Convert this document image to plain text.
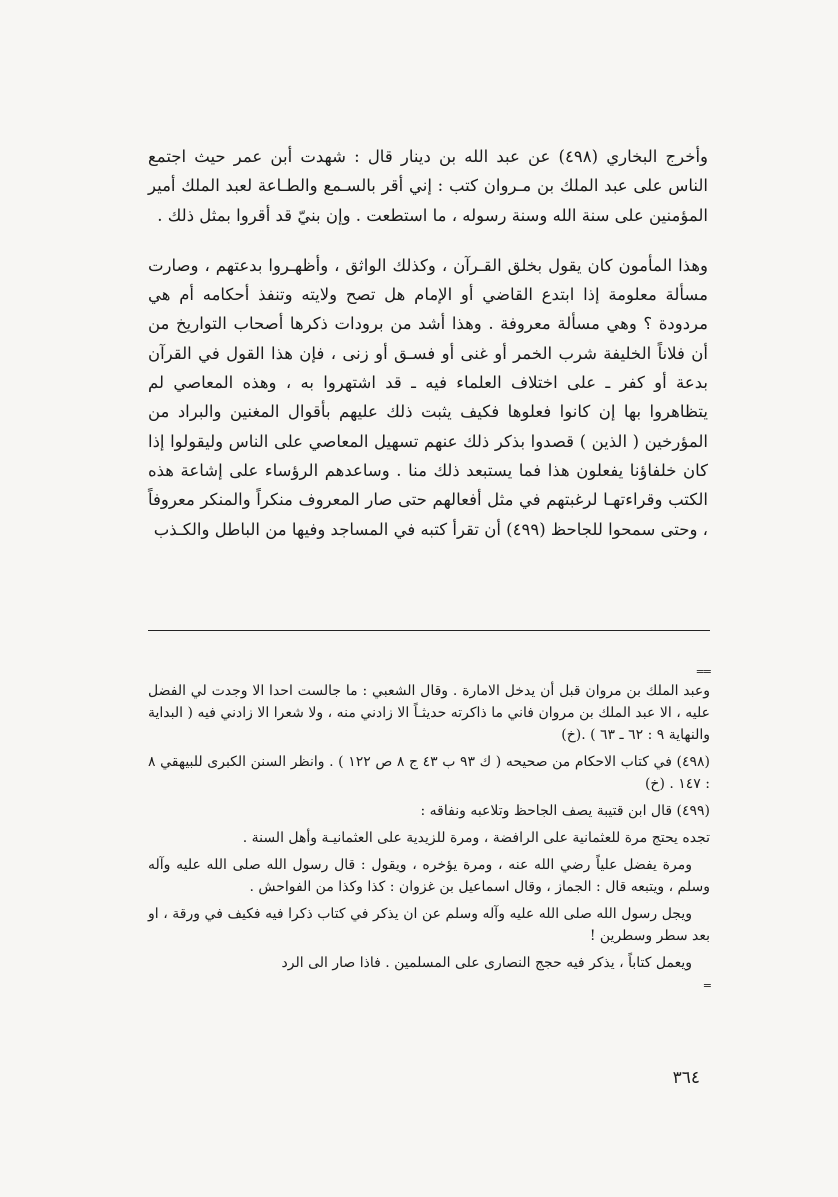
وأخرج البخاري (٤٩٨) عن عبد الله بن دينار قال : شهدت أبن عمر حيث اجتمع الناس على عبد الملك بن مـروان كتب : إني أقر بالسـمع والطـاعة لعبد الملك أمير المؤمنين على سنة الله وسنة رسوله ، ما استطعت . وإن بنيّ قد أقروا بمثل ذلك .

وهذا المأمون كان يقول بخلق القـرآن ، وكذلك الواثق ، وأظهـروا بدعتهم ، وصارت مسألة معلومة إذا ابتدع القاضي أو الإمام هل تصح ولايته وتنفذ أحكامه أم هي مردودة ؟ وهي مسألة معروفة . وهذا أشد من برودات ذكرها أصحاب التواريخ من أن فلاناً الخليفة شرب الخمر أو غنى أو فسـق أو زنى ، فإن هذا القول في القرآن بدعة أو كفر ـ على اختلاف العلماء فيه ـ قد اشتهروا به ، وهذه المعاصي لم يتظاهروا بها إن كانوا فعلوها فكيف يثبت ذلك عليهم بأقوال المغنين والبراد من المؤرخين ( الذين ) قصدوا بذكر ذلك عنهم تسهيل المعاصي على الناس وليقولوا إذا كان خلفاؤنا يفعلون هذا فما يستبعد ذلك منا . وساعدهم الرؤساء على إشاعة هذه الكتب وقراءتهـا لرغبتهم في مثل أفعالهم حتى صار المعروف منكراً والمنكر معروفاً ، وحتى سمحوا للجاحظ (٤٩٩) أن تقرأ كتبه في المساجد وفيها من الباطل والكـذب

==

وعبد الملك بن مروان قبل أن يدخل الامارة . وقال الشعبي : ما جالست احدا الا وجدت لي الفضل عليه ، الا عبد الملك بن مروان فاني ما ذاكرته حديثـاً الا زادني منه ، ولا شعرا الا زادني فيه ( البداية والنهاية ٩ : ٦٢ ـ ٦٣ ) .(خ)

(٤٩٨) في كتاب الاحكام من صحيحه ( ك ٩٣ ب ٤٣ ج ٨ ص ١٢٢ ) . وانظر السنن الكبرى للبيهقي ٨ : ١٤٧ . (خ)

(٤٩٩) قال ابن قتيبة يصف الجاحظ وتلاعبه ونفاقه :

تجده يحتج مرة للعثمانية على الرافضة ، ومرة للزيدية على العثمانيـة وأهل السنة .

ومرة يفضل علياً رضي الله عنه ، ومرة يؤخره ، ويقول : قال رسول الله صلى الله عليه وآله وسلم ، ويتبعه قال : الجماز ، وقال اسماعيل بن غزوان : كذا وكذا من الفواحش .

ويجل رسول الله صلى الله عليه وآله وسلم عن ان يذكر في كتاب ذكرا فيه فكيف في ورقة ، او بعد سطر وسطرين !

ويعمل كتاباً ، يذكر فيه حجج النصارى على المسلمين . فاذا صار الى الرد

=
٣٦٤
